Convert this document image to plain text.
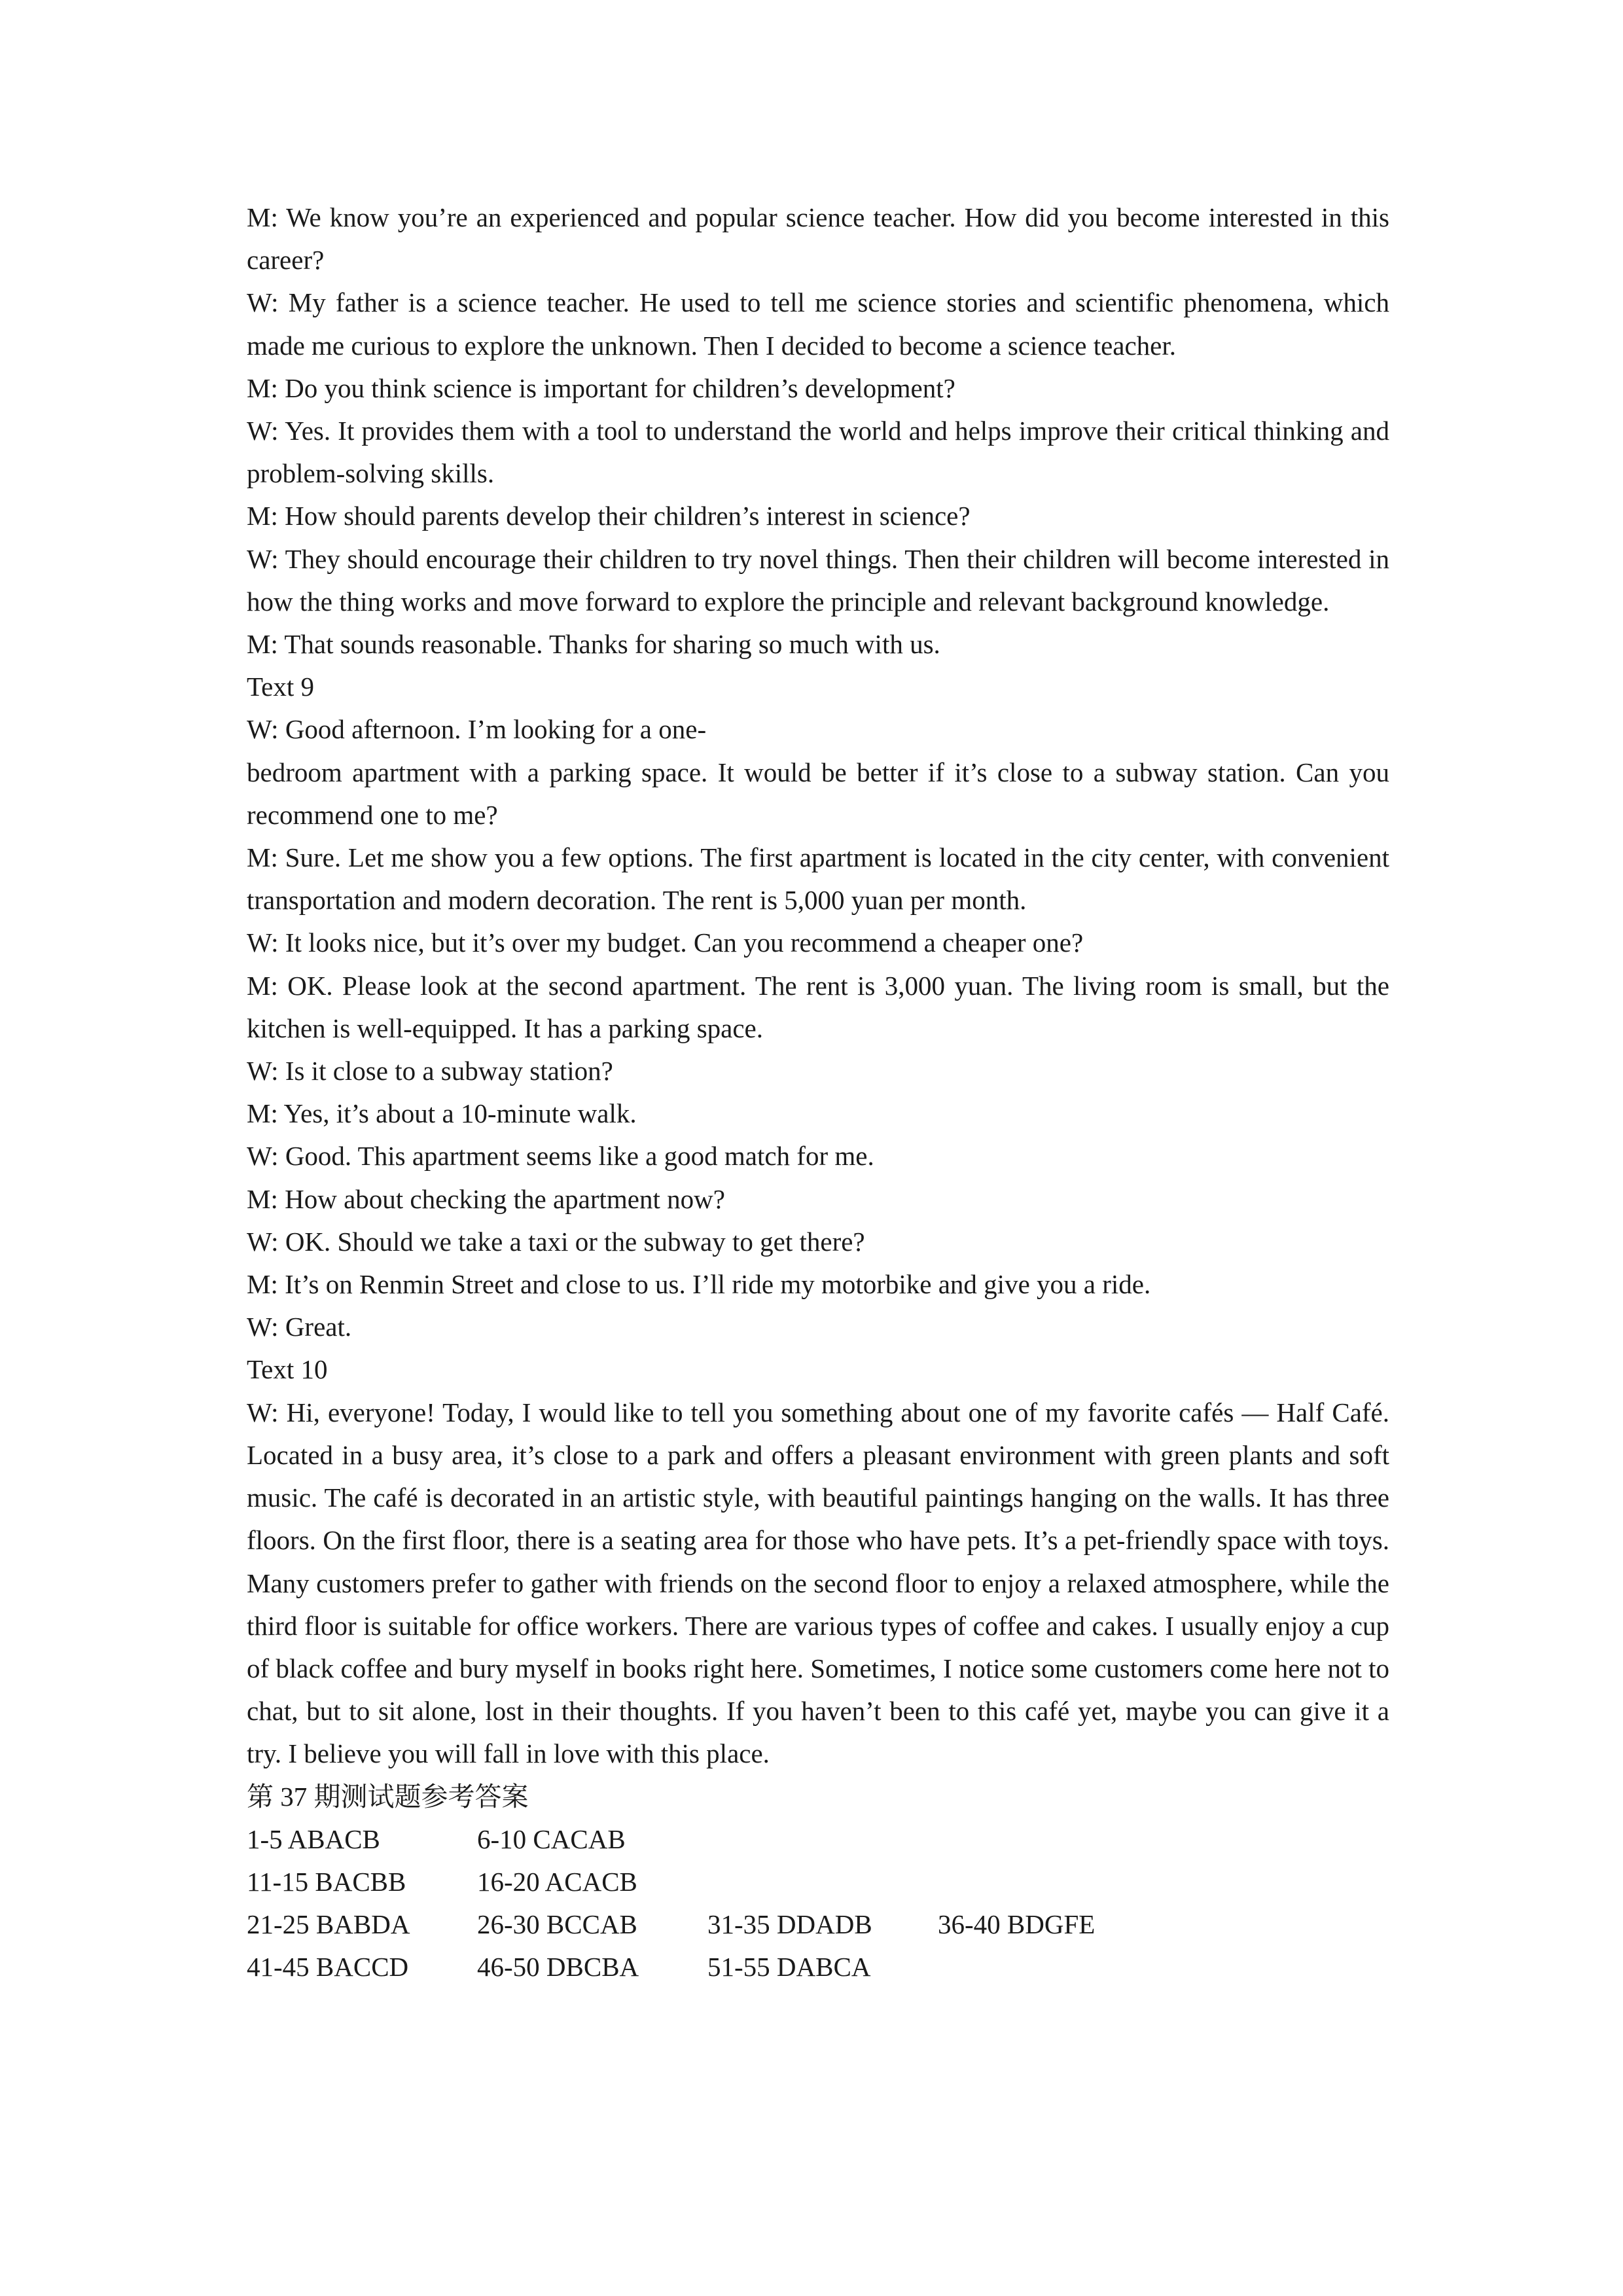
M: We know you’re an experienced and popular science teacher. How did you become interested in this career?

W: My father is a science teacher. He used to tell me science stories and scientific phenomena, which made me curious to explore the unknown. Then I decided to become a science teacher.

M: Do you think science is important for children’s development?

W: Yes. It provides them with a tool to understand the world and helps improve their critical thinking and problem-solving skills.

M: How should parents develop their children’s interest in science?

W: They should encourage their children to try novel things. Then their children will become interested in how the thing works and move forward to explore the principle and relevant background knowledge.

M: That sounds reasonable. Thanks for sharing so much with us.

Text 9

W: Good afternoon. I’m looking for a one-

bedroom apartment with a parking space. It would be better if it’s close to a subway station. Can you recommend one to me?

M: Sure. Let me show you a few options. The first apartment is located in the city center, with convenient transportation and modern decoration. The rent is 5,000 yuan per month.

W: It looks nice, but it’s over my budget. Can you recommend a cheaper one?

M: OK. Please look at the second apartment. The rent is 3,000 yuan. The living room is small, but the kitchen is well-equipped. It has a parking space.

W: Is it close to a subway station?

M: Yes, it’s about a 10-minute walk.

W: Good. This apartment seems like a good match for me.

M: How about checking the apartment now?

W: OK. Should we take a taxi or the subway to get there?

M: It’s on Renmin Street and close to us. I’ll ride my motorbike and give you a ride.

W: Great.

Text 10

W: Hi, everyone! Today, I would like to tell you something about one of my favorite cafés — Half Café. Located in a busy area, it’s close to a park and offers a pleasant environment with green plants and soft music. The café is decorated in an artistic style, with beautiful paintings hanging on the walls. It has three floors. On the first floor, there is a seating area for those who have pets. It’s a pet-friendly space with toys. Many customers prefer to gather with friends on the second floor to enjoy a relaxed atmosphere, while the third floor is suitable for office workers. There are various types of coffee and cakes. I usually enjoy a cup of black coffee and bury myself in books right here. Sometimes, I notice some customers come here not to chat, but to sit alone, lost in their thoughts. If you haven’t been to this café yet, maybe you can give it a try. I believe you will fall in love with this place.

第 37 期测试题参考答案

1-5 ABACB	6-10 CACAB
11-15 BACBB	16-20 ACACB
21-25 BABDA	26-30 BCCAB	31-35 DDADB	36-40 BDGFE
41-45 BACCD	46-50 DBCBA	51-55 DABCA
